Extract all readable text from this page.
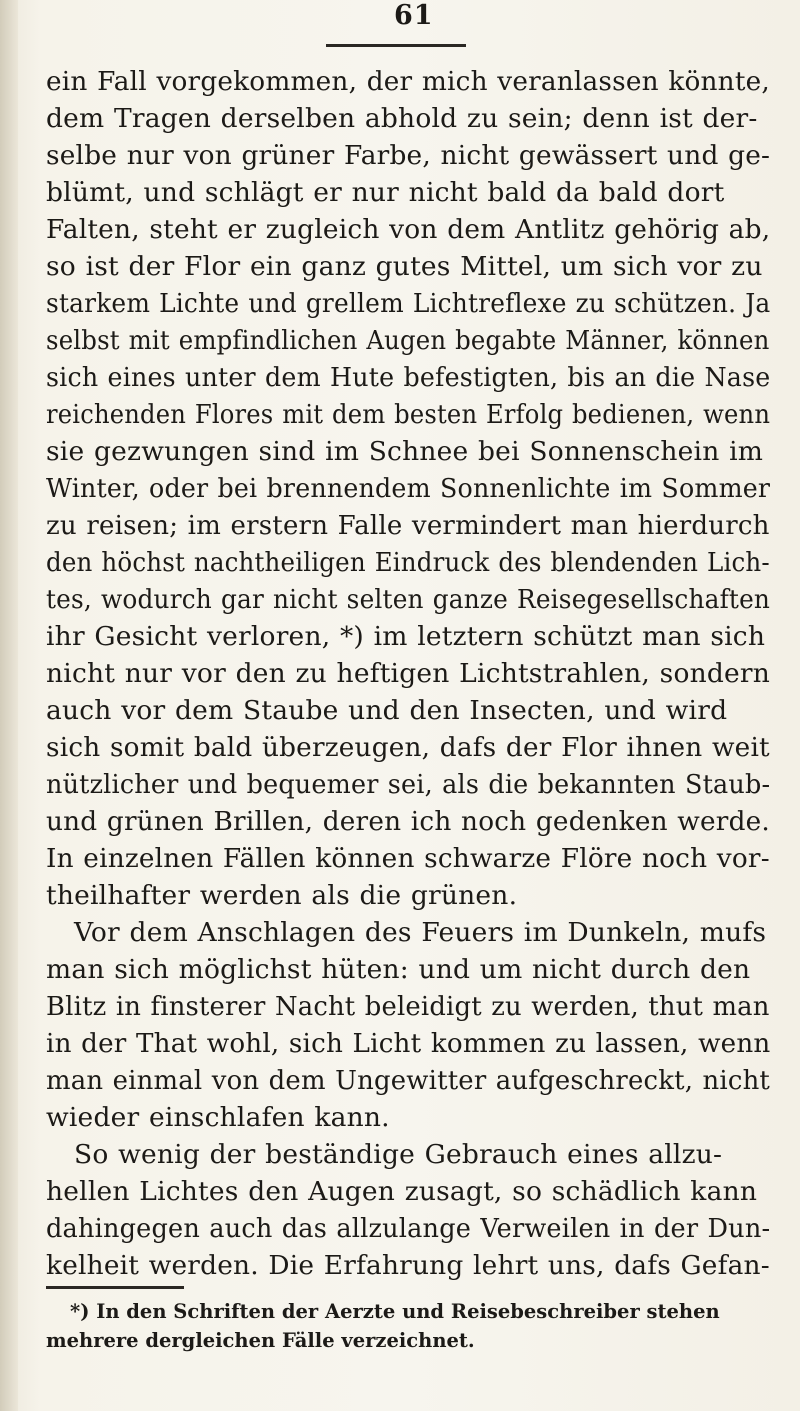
61
ein Fall vorgekommen, der mich veranlassen könnte,
dem Tragen derselben abhold zu sein; denn ist der-
selbe nur von grüner Farbe, nicht gewässert und ge-
blümt, und schlägt er nur nicht bald da bald dort
Falten, steht er zugleich von dem Antlitz gehörig ab,
so ist der Flor ein ganz gutes Mittel, um sich vor zu
starkem Lichte und grellem Lichtreflexe zu schützen. Ja
selbst mit empfindlichen Augen begabte Männer, können
sich eines unter dem Hute befestigten, bis an die Nase
reichenden Flores mit dem besten Erfolg bedienen, wenn
sie gezwungen sind im Schnee bei Sonnenschein im
Winter, oder bei brennendem Sonnenlichte im Sommer
zu reisen; im erstern Falle vermindert man hierdurch
den höchst nachtheiligen Eindruck des blendenden Lich-
tes, wodurch gar nicht selten ganze Reisegesellschaften
ihr Gesicht verloren, *) im letztern schützt man sich
nicht nur vor den zu heftigen Lichtstrahlen, sondern
auch vor dem Staube und den Insecten, und wird
sich somit bald überzeugen, dafs der Flor ihnen weit
nützlicher und bequemer sei, als die bekannten Staub-
und grünen Brillen, deren ich noch gedenken werde.
In einzelnen Fällen können schwarze Flöre noch vor-
theilhafter werden als die grünen.
Vor dem Anschlagen des Feuers im Dunkeln, mufs
man sich möglichst hüten: und um nicht durch den
Blitz in finsterer Nacht beleidigt zu werden, thut man
in der That wohl, sich Licht kommen zu lassen, wenn
man einmal von dem Ungewitter aufgeschreckt, nicht
wieder einschlafen kann.
So wenig der beständige Gebrauch eines allzu-
hellen Lichtes den Augen zusagt, so schädlich kann
dahingegen auch das allzulange Verweilen in der Dun-
kelheit werden. Die Erfahrung lehrt uns, dafs Gefan-
*) In den Schriften der Aerzte und Reisebeschreiber stehen
mehrere dergleichen Fälle verzeichnet.
